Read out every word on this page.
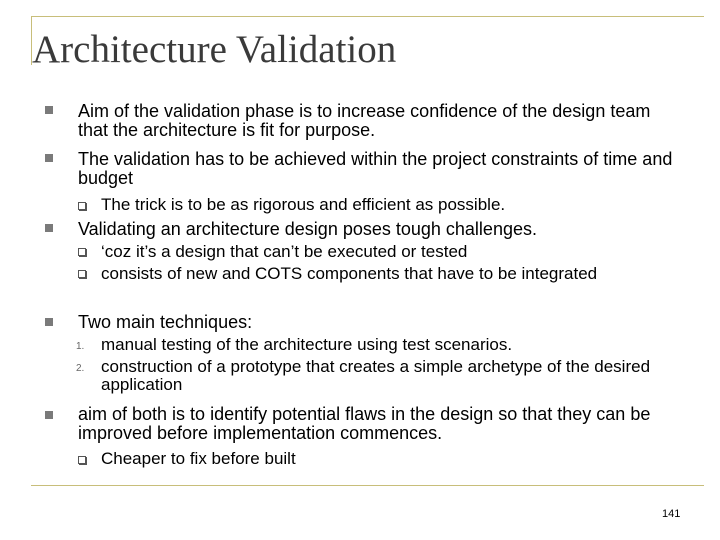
Architecture Validation
Aim of the validation phase is to increase confidence of the design team that the architecture is fit for purpose.
The validation has to be achieved within the project constraints of time and budget
The trick is to be as rigorous and efficient as possible.
Validating an architecture design poses tough challenges.
‘coz it’s a design that can’t be executed or tested
consists of new and COTS components that have to be integrated
Two main techniques:
1. manual testing of the architecture using test scenarios.
2. construction of a prototype that creates a simple archetype of the desired application
aim of both is to identify potential flaws in the design so that they can be improved before implementation commences.
Cheaper to fix before built
141
